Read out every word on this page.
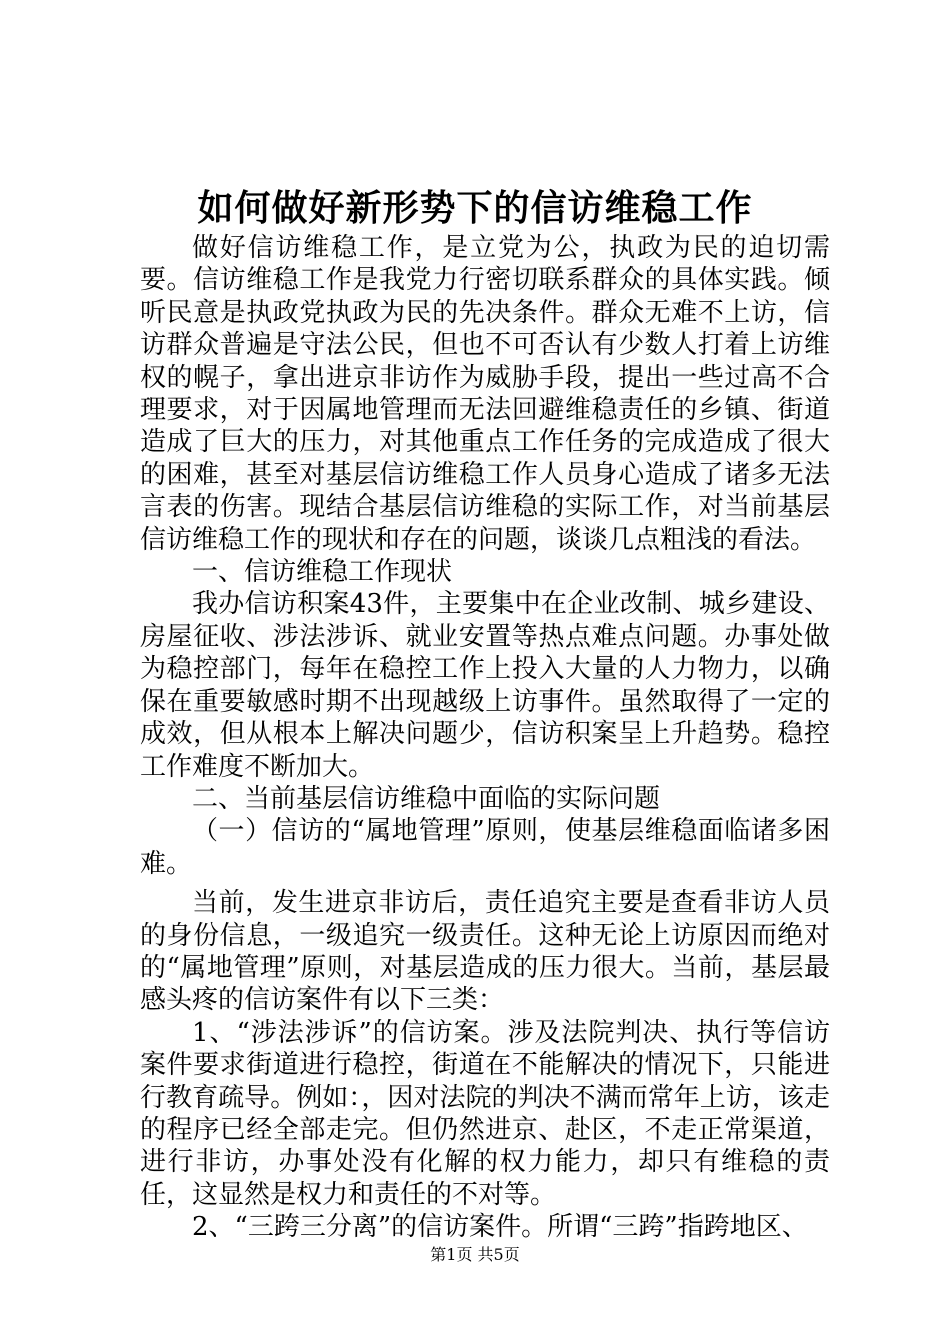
如何做好新形势下的信访维稳工作

做好信访维稳工作，是立党为公，执政为民的迫切需要。信访维稳工作是我党力行密切联系群众的具体实践。倾听民意是执政党执政为民的先决条件。群众无难不上访，信访群众普遍是守法公民，但也不可否认有少数人打着上访维权的幌子，拿出进京非访作为威胁手段，提出一些过高不合理要求，对于因属地管理而无法回避维稳责任的乡镇、街道造成了巨大的压力，对其他重点工作任务的完成造成了很大的困难，甚至对基层信访维稳工作人员身心造成了诸多无法言表的伤害。现结合基层信访维稳的实际工作，对当前基层信访维稳工作的现状和存在的问题，谈谈几点粗浅的看法。

一、信访维稳工作现状

我办信访积案43件，主要集中在企业改制、城乡建设、房屋征收、涉法涉诉、就业安置等热点难点问题。办事处做为稳控部门，每年在稳控工作上投入大量的人力物力，以确保在重要敏感时期不出现越级上访事件。虽然取得了一定的成效，但从根本上解决问题少，信访积案呈上升趋势。稳控工作难度不断加大。

二、当前基层信访维稳中面临的实际问题

（一）信访的“属地管理”原则，使基层维稳面临诸多困难。

当前，发生进京非访后，责任追究主要是查看非访人员的身份信息，一级追究一级责任。这种无论上访原因而绝对的“属地管理”原则，对基层造成的压力很大。当前，基层最感头疼的信访案件有以下三类：

1、“涉法涉诉”的信访案。涉及法院判决、执行等信访案件要求街道进行稳控，街道在不能解决的情况下，只能进行教育疏导。例如：，因对法院的判决不满而常年上访，该走的程序已经全部走完。但仍然进京、赴区，不走正常渠道，进行非访，办事处没有化解的权力能力，却只有维稳的责任，这显然是权力和责任的不对等。

2、“三跨三分离”的信访案件。所谓“三跨”指跨地区、

第1页 共5页
